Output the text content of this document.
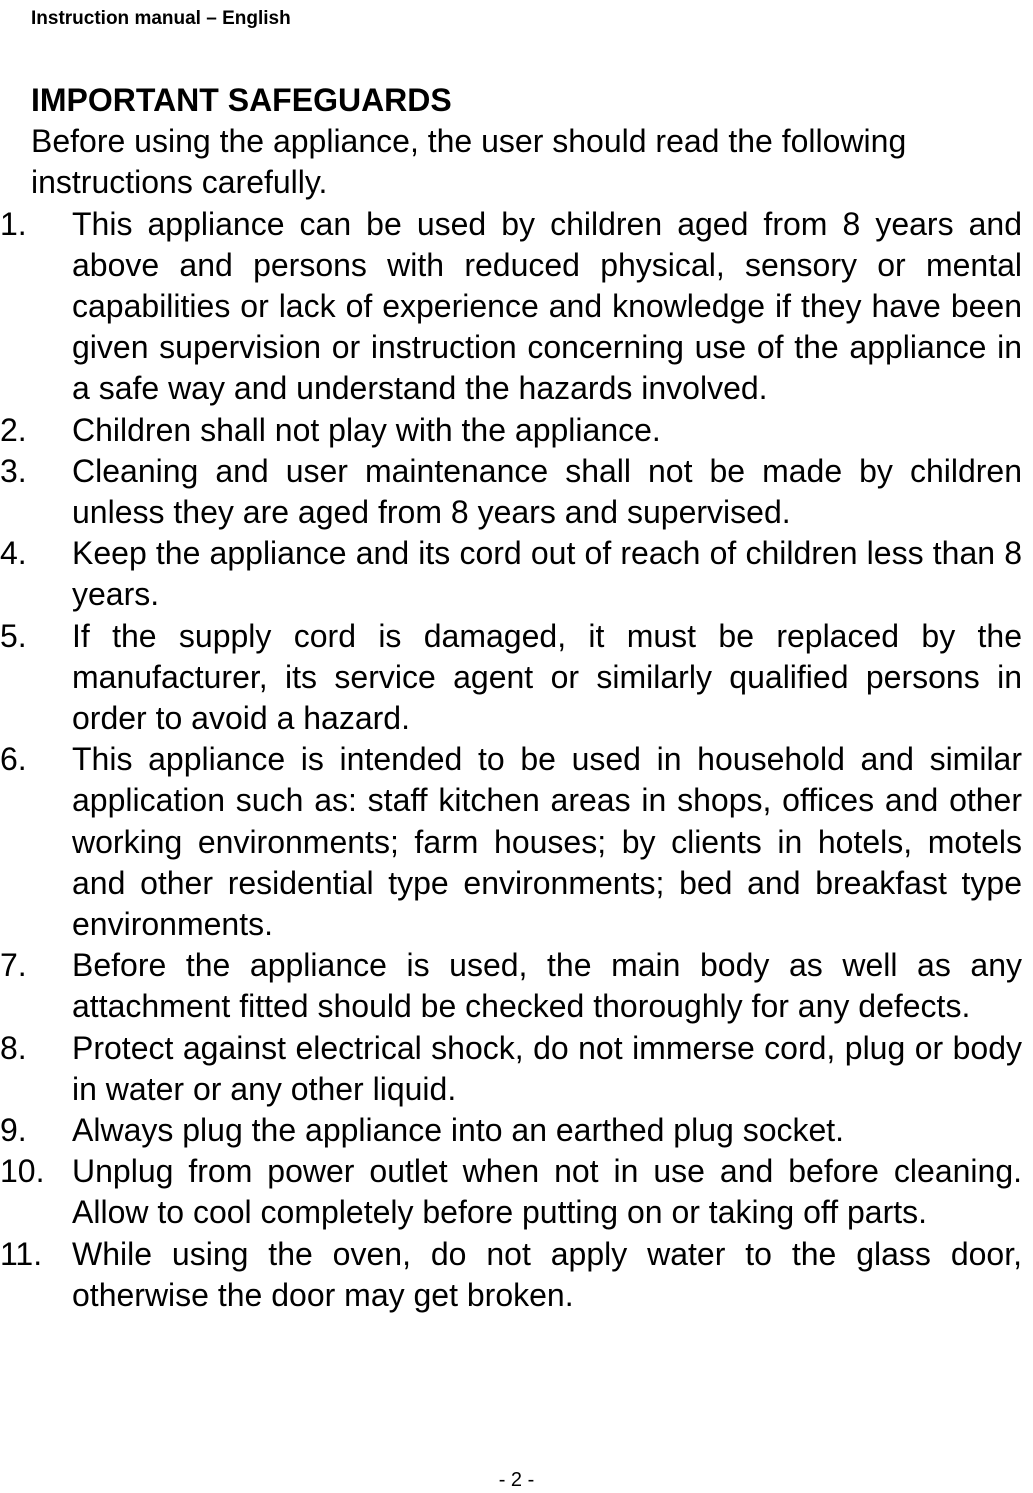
Instruction manual – English
IMPORTANT SAFEGUARDS
Before using the appliance, the user should read the following instructions carefully.
1.	This appliance can be used by children aged from 8 years and above and persons with reduced physical, sensory or mental capabilities or lack of experience and knowledge if they have been given supervision or instruction concerning use of the appliance in a safe way and understand the hazards involved.
2.	Children shall not play with the appliance.
3.	Cleaning and user maintenance shall not be made by children unless they are aged from 8 years and supervised.
4.	Keep the appliance and its cord out of reach of children less than 8 years.
5.	If the supply cord is damaged, it must be replaced by the manufacturer, its service agent or similarly qualified persons in order to avoid a hazard.
6.	This appliance is intended to be used in household and similar application such as: staff kitchen areas in shops, offices and other working environments; farm houses; by clients in hotels, motels and other residential type environments; bed and breakfast type environments.
7.	Before the appliance is used, the main body as well as any attachment fitted should be checked thoroughly for any defects.
8.	Protect against electrical shock, do not immerse cord, plug or body in water or any other liquid.
9.	Always plug the appliance into an earthed plug socket.
10. Unplug from power outlet when not in use and before cleaning. Allow to cool completely before putting on or taking off parts.
11. While using the oven, do not apply water to the glass door, otherwise the door may get broken.
- 2 -
